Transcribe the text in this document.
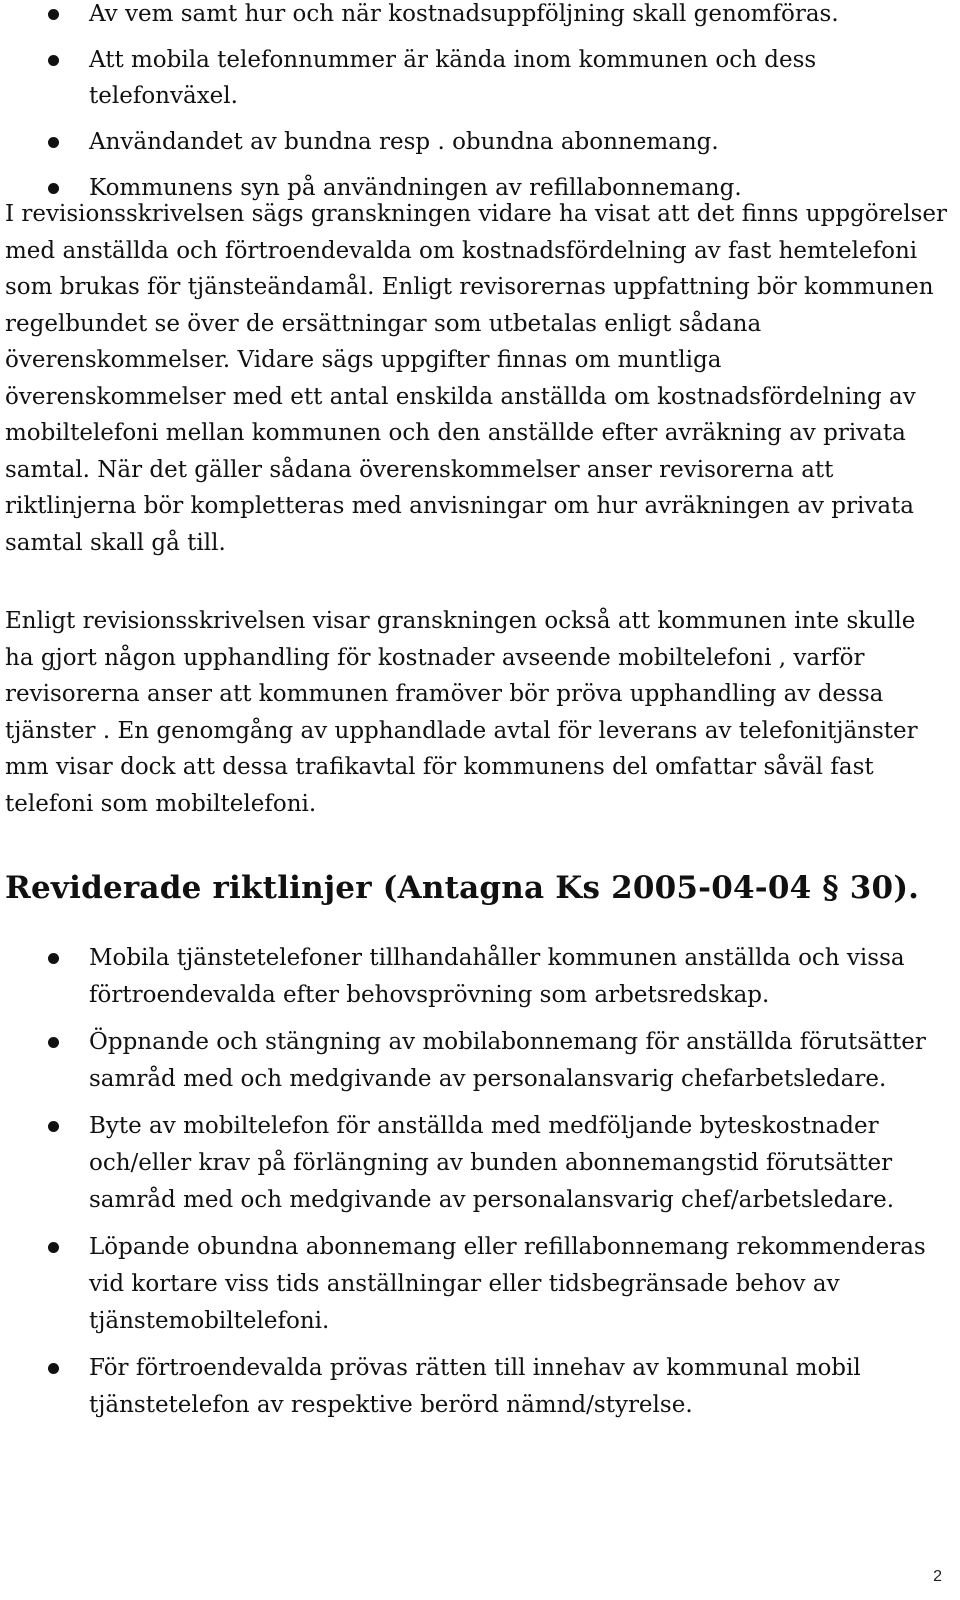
Av vem samt hur och när kostnadsuppföljning skall genomföras.
Att mobila telefonnummer är kända inom kommunen och dess telefonväxel.
Användandet av bundna resp . obundna abonnemang.
Kommunens syn på användningen av refillabonnemang.

I revisionsskrivelsen sägs granskningen vidare ha visat att det finns uppgörelser med anställda och förtroendevalda om kostnadsfördelning av fast hemtelefoni som brukas för tjänsteändamål. Enligt revisorernas uppfattning bör kommunen regelbundet se över de ersättningar som utbetalas enligt sådana överenskommelser. Vidare sägs uppgifter finnas om muntliga överenskommelser med ett antal enskilda anställda om kostnadsfördelning av mobiltelefoni mellan kommunen och den anställde efter avräkning av privata samtal. När det gäller sådana överenskommelser anser revisorerna att riktlinjerna bör kompletteras med anvisningar om hur avräkningen av privata samtal skall gå till.

Enligt revisionsskrivelsen visar granskningen också att kommunen inte skulle ha gjort någon upphandling för kostnader avseende mobiltelefoni , varför revisorerna anser att kommunen framöver bör pröva upphandling av dessa tjänster . En genomgång av upphandlade avtal för leverans av telefonitjänster mm visar dock att dessa trafikavtal för kommunens del omfattar såväl fast telefoni som mobiltelefoni.

Reviderade riktlinjer (Antagna Ks 2005-04-04 § 30).
Mobila tjänstetelefoner tillhandahåller kommunen anställda och vissa förtroendevalda efter behovsprövning som arbetsredskap.
Öppnande och stängning av mobilabonnemang för anställda förutsätter samråd med och medgivande av personalansvarig chefarbetsledare.
Byte av mobiltelefon för anställda med medföljande byteskostnader och/eller krav på förlängning av bunden abonnemangstid förutsätter samråd med och medgivande av personalansvarig chef/arbetsledare.
Löpande obundna abonnemang eller refillabonnemang rekommenderas vid kortare viss tids anställningar eller tidsbegränsade behov av tjänstemobiltelefoni.
För förtroendevalda prövas rätten till innehav av kommunal mobil tjänstetelefon av respektive berörd nämnd/styrelse.
2
